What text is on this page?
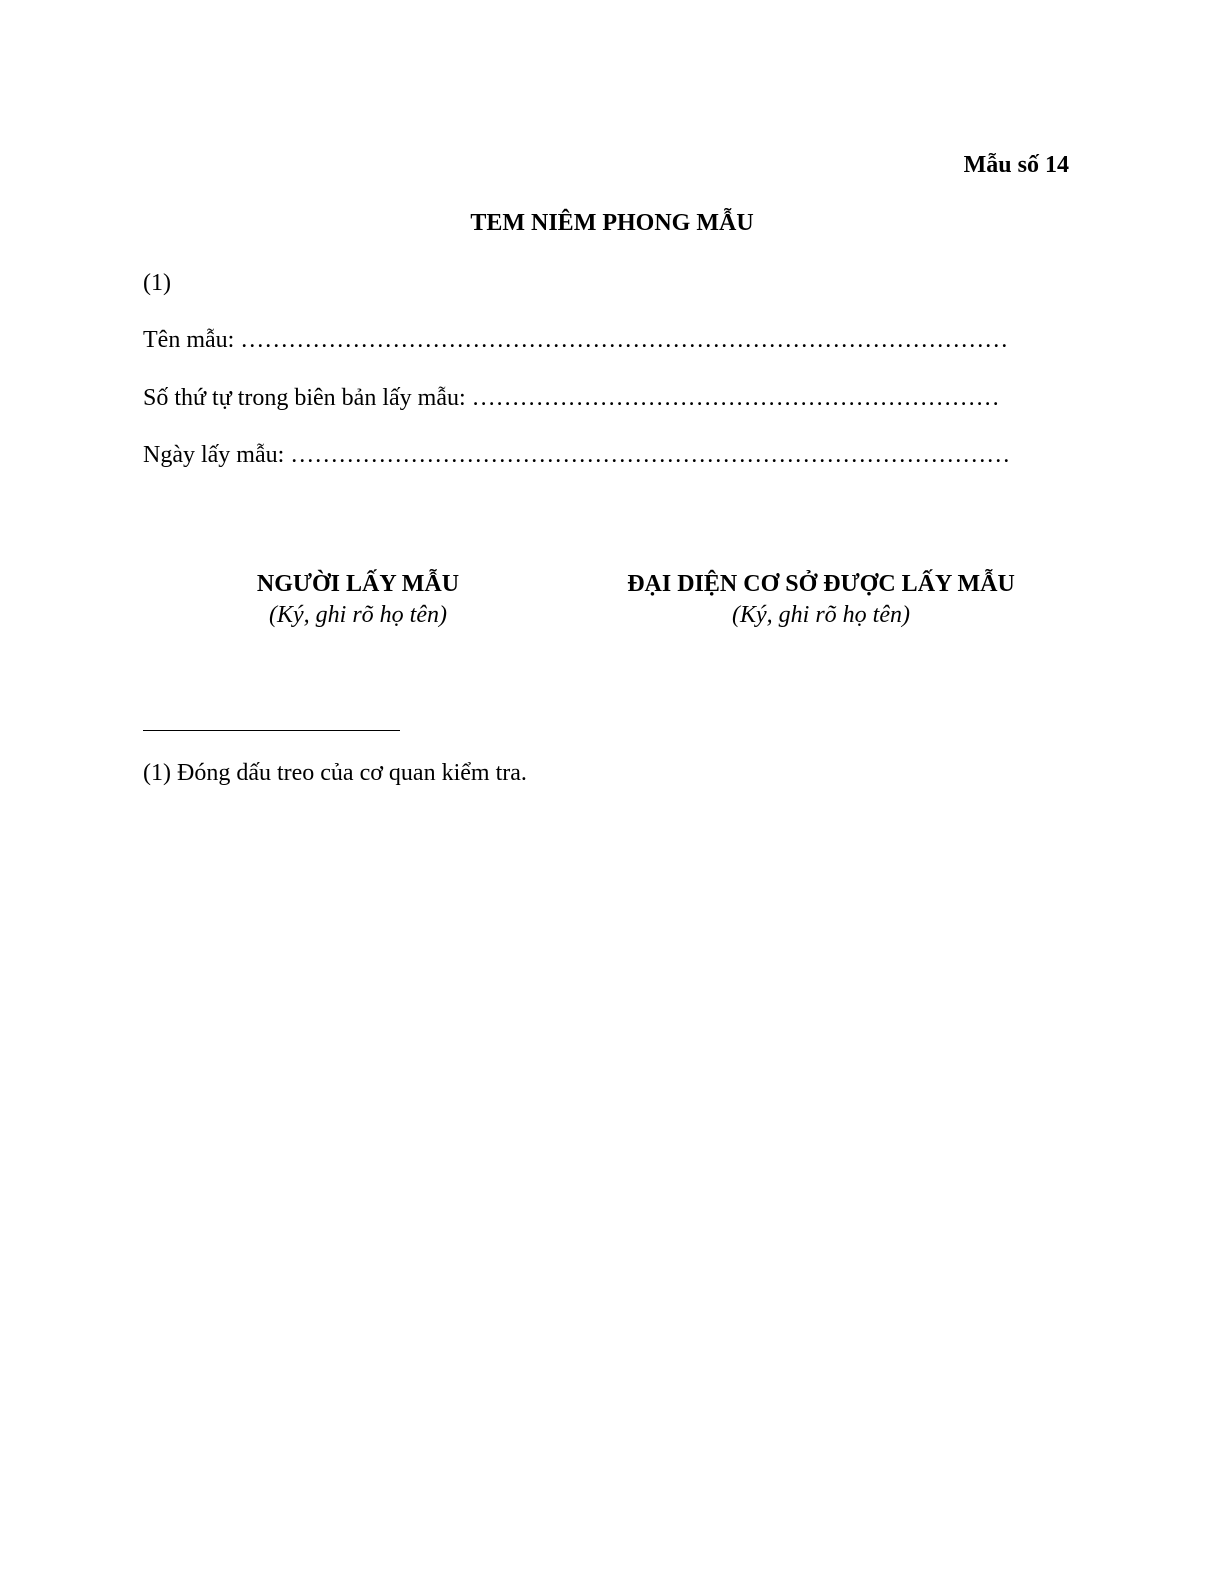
Mẫu số 14
TEM NIÊM PHONG MẪU
(1)
Tên mẫu: ……………………………………………………………………………………
Số thứ tự trong biên bản lấy mẫu: …………………………………………………………
Ngày lấy mẫu: ………………………………………………………………………………
NGƯỜI LẤY MẪU
(Ký, ghi rõ họ tên)
ĐẠI DIỆN CƠ SỞ ĐƯỢC LẤY MẪU
(Ký, ghi rõ họ tên)
(1) Đóng dấu treo của cơ quan kiểm tra.
